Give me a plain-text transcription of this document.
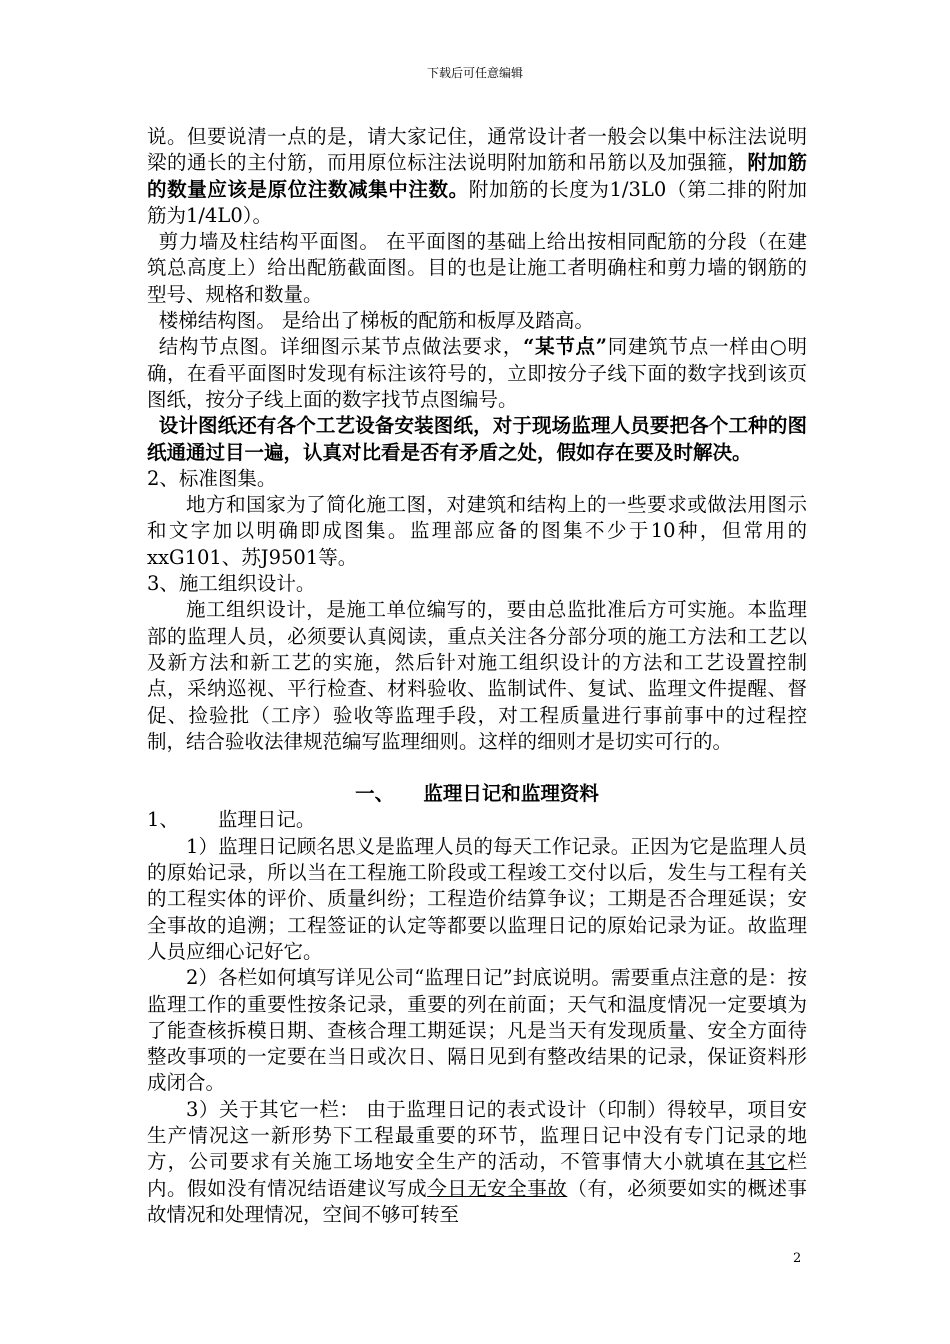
下载后可任意编辑

说。但要说清一点的是，请大家记住，通常设计者一般会以集中标注法说明梁的通长的主付筋，而用原位标注法说明附加筋和吊筋以及加强箍，附加筋的数量应该是原位注数减集中注数。附加筋的长度为1/3L0（第二排的附加筋为1/4L0）。

剪力墙及柱结构平面图。 在平面图的基础上给出按相同配筋的分段（在建筑总高度上）给出配筋截面图。目的也是让施工者明确柱和剪力墙的钢筋的型号、规格和数量。

楼梯结构图。 是给出了梯板的配筋和板厚及踏高。

结构节点图。详细图示某节点做法要求，“某节点”同建筑节点一样由○明确，在看平面图时发现有标注该符号的，立即按分子线下面的数字找到该页图纸，按分子线上面的数字找节点图编号。

设计图纸还有各个工艺设备安装图纸，对于现场监理人员要把各个工种的图纸通通过目一遍，认真对比看是否有矛盾之处，假如存在要及时解决。

2、标准图集。

地方和国家为了简化施工图，对建筑和结构上的一些要求或做法用图示和文字加以明确即成图集。监理部应备的图集不少于10种，但常用的xxG101、苏J9501等。

3、施工组织设计。

施工组织设计，是施工单位编写的，要由总监批准后方可实施。本监理部的监理人员，必须要认真阅读，重点关注各分部分项的施工方法和工艺以及新方法和新工艺的实施，然后针对施工组织设计的方法和工艺设置控制点，采纳巡视、平行检查、材料验收、监制试件、复试、监理文件提醒、督促、捡验批（工序）验收等监理手段，对工程质量进行事前事中的过程控制，结合验收法律规范编写监理细则。这样的细则才是切实可行的。

一、 监理日记和监理资料

1、 监理日记。

1）监理日记顾名思义是监理人员的每天工作记录。正因为它是监理人员的原始记录，所以当在工程施工阶段或工程竣工交付以后，发生与工程有关的工程实体的评价、质量纠纷；工程造价结算争议；工期是否合理延误；安全事故的追溯；工程签证的认定等都要以监理日记的原始记录为证。故监理人员应细心记好它。

2）各栏如何填写详见公司“监理日记”封底说明。需要重点注意的是：按监理工作的重要性按条记录，重要的列在前面；天气和温度情况一定要填为了能查核拆模日期、查核合理工期延误；凡是当天有发现质量、安全方面待整改事项的一定要在当日或次日、隔日见到有整改结果的记录，保证资料形成闭合。

3）关于其它一栏： 由于监理日记的表式设计（印制）得较早，项目安生产情况这一新形势下工程最重要的环节，监理日记中没有专门记录的地方，公司要求有关施工场地安全生产的活动，不管事情大小就填在其它栏内。假如没有情况结语建议写成今日无安全事故（有，必须要如实的概述事故情况和处理情况，空间不够可转至

2
